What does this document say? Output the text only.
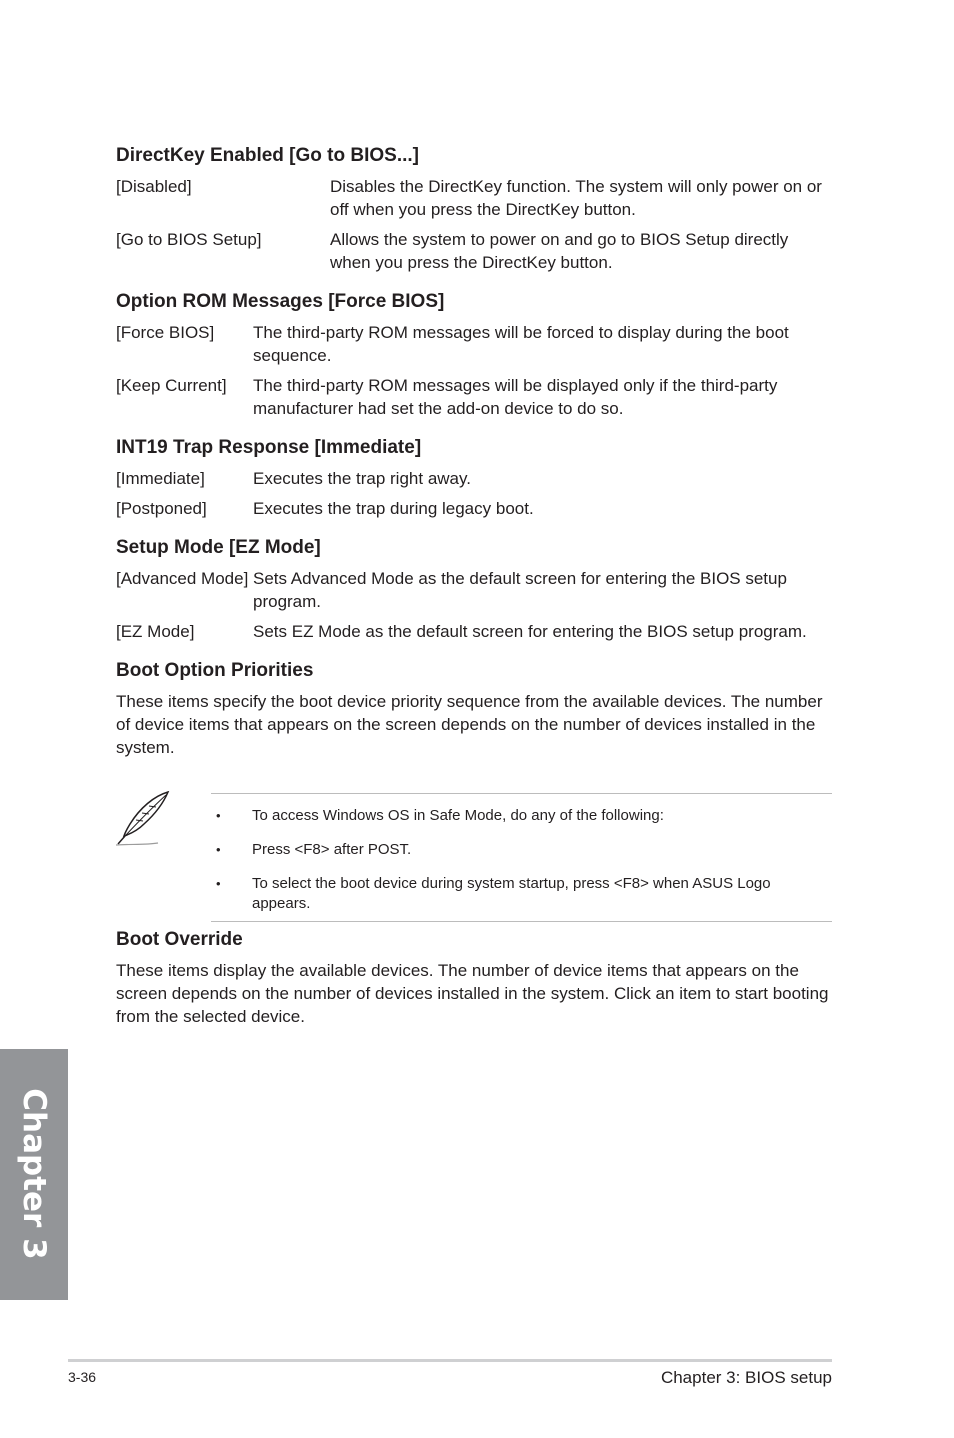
DirectKey Enabled [Go to BIOS...]
[Disabled]	Disables the DirectKey function. The system will only power on or off when you press the DirectKey button.
[Go to BIOS Setup]	Allows the system to power on and go to BIOS Setup directly when you press the DirectKey button.
Option ROM Messages [Force BIOS]
[Force BIOS]	The third-party ROM messages will be forced to display during the boot sequence.
[Keep Current]	The third-party ROM messages will be displayed only if the third-party manufacturer had set the add-on device to do so.
INT19 Trap Response [Immediate]
[Immediate]	Executes the trap right away.
[Postponed]	Executes the trap during legacy boot.
Setup Mode [EZ Mode]
[Advanced Mode] Sets Advanced Mode as the default screen for entering the BIOS setup program.
[EZ Mode]	Sets EZ Mode as the default screen for entering the BIOS setup program.
Boot Option Priorities

These items specify the boot device priority sequence from the available devices. The number of device items that appears on the screen depends on the number of devices installed in the system.

• To access Windows OS in Safe Mode, do any of the following:
• Press <F8> after POST.
• To select the boot device during system startup, press <F8> when ASUS Logo appears.
Boot Override

These items display the available devices. The number of device items that appears on the screen depends on the number of devices installed in the system. Click an item to start booting from the selected device.

Chapter 3
3-36	Chapter 3: BIOS setup
